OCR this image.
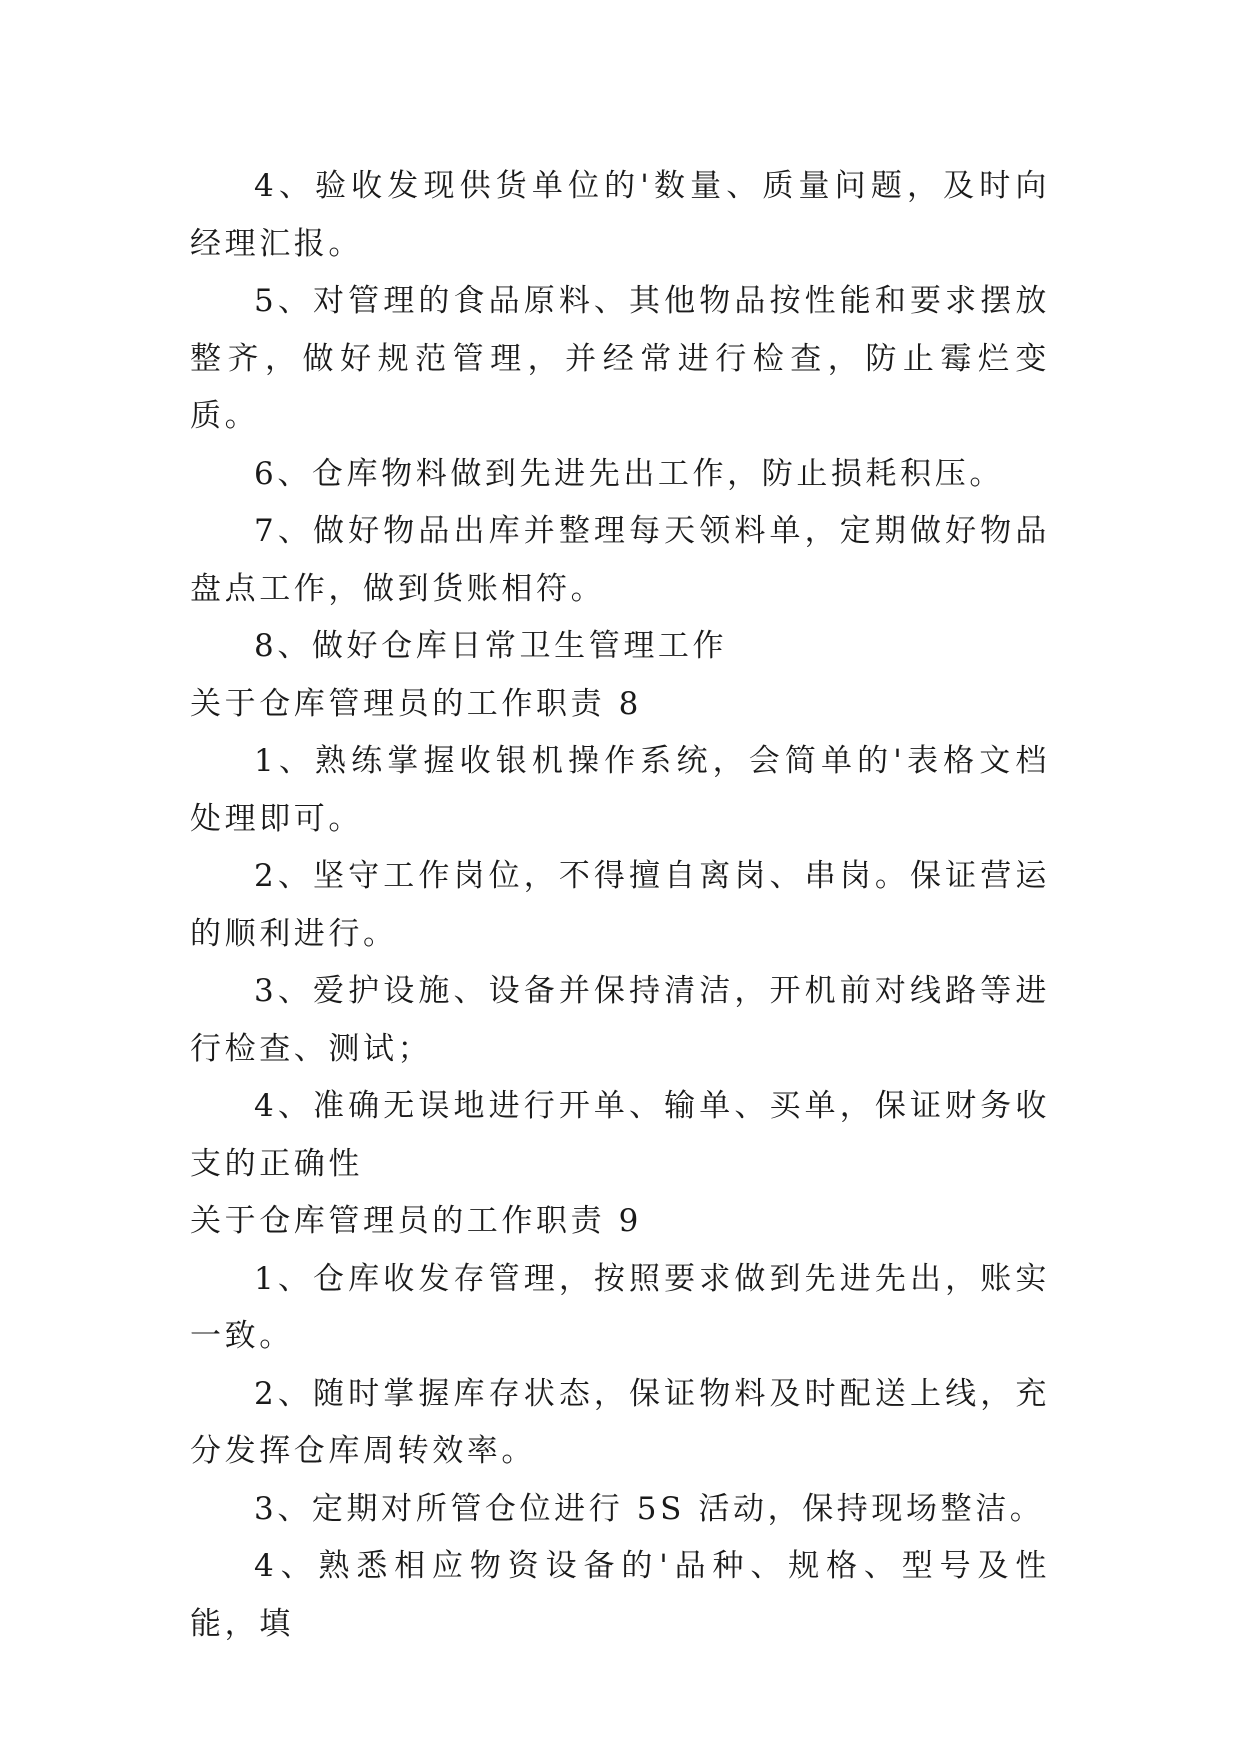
4、验收发现供货单位的'数量、质量问题，及时向经理汇报。

5、对管理的食品原料、其他物品按性能和要求摆放整齐，做好规范管理，并经常进行检查，防止霉烂变质。

6、仓库物料做到先进先出工作，防止损耗积压。

7、做好物品出库并整理每天领料单，定期做好物品盘点工作，做到货账相符。

8、做好仓库日常卫生管理工作

关于仓库管理员的工作职责 8

1、熟练掌握收银机操作系统，会简单的'表格文档处理即可。

2、坚守工作岗位，不得擅自离岗、串岗。保证营运的顺利进行。

3、爱护设施、设备并保持清洁，开机前对线路等进行检查、测试；

4、准确无误地进行开单、输单、买单，保证财务收支的正确性

关于仓库管理员的工作职责 9

1、仓库收发存管理，按照要求做到先进先出，账实一致。

2、随时掌握库存状态，保证物料及时配送上线，充分发挥仓库周转效率。

3、定期对所管仓位进行 5S 活动，保持现场整洁。

4、熟悉相应物资设备的'品种、规格、型号及性能，填
